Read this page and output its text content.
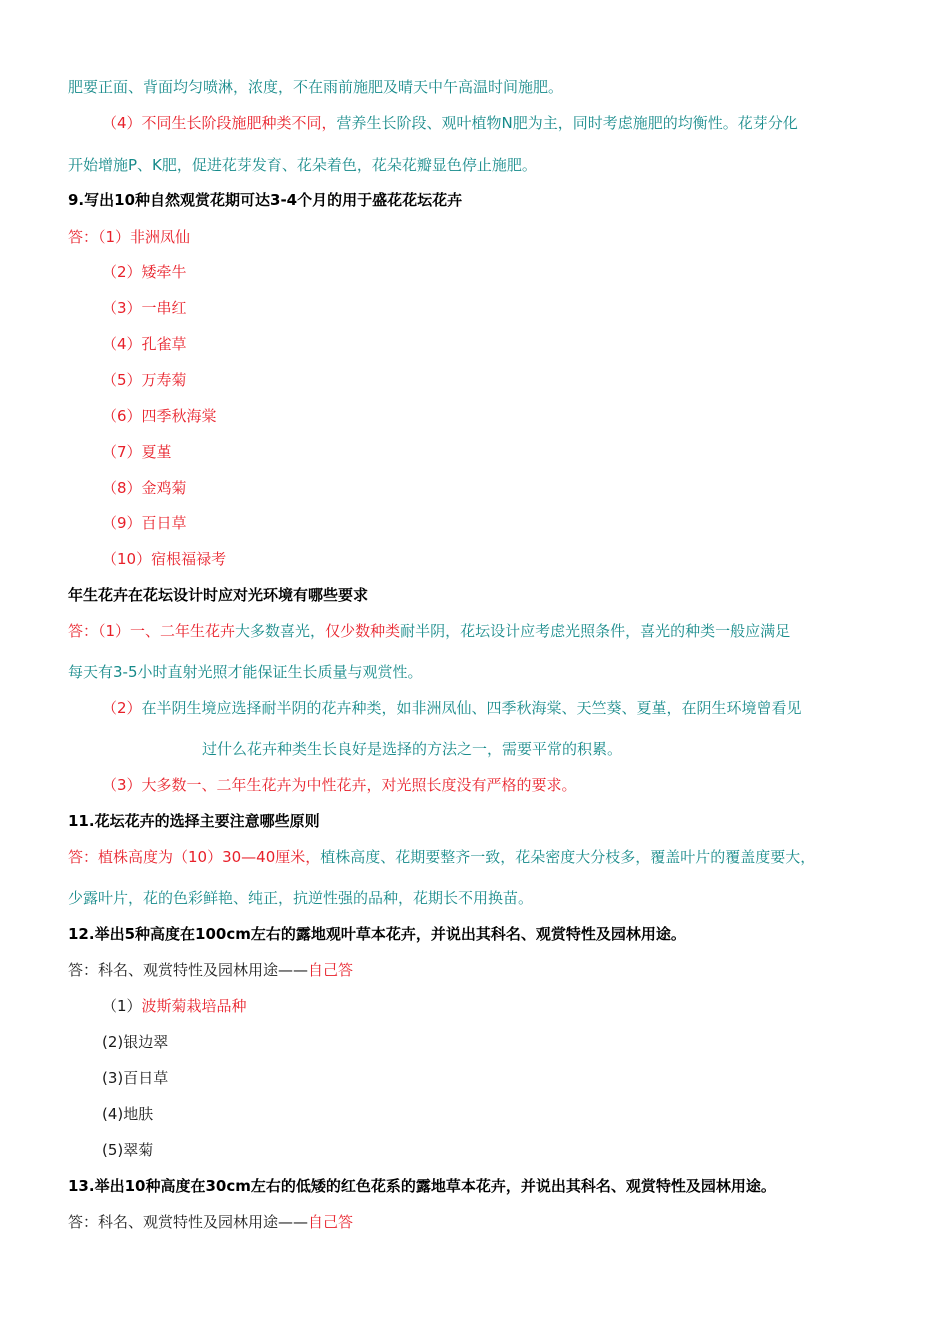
肥要正面、背面均匀喷淋，浓度，不在雨前施肥及晴天中午高温时间施肥。
（4）不同生长阶段施肥种类不同，营养生长阶段、观叶植物N肥为主，同时考虑施肥的均衡性。花芽分化
开始增施P、K肥，促进花芽发育、花朵着色，花朵花瓣显色停止施肥。
9.写出10种自然观赏花期可达3-4个月的用于盛花花坛花卉
答：（1）非洲凤仙
（2）矮牵牛
（3）一串红
（4）孔雀草
（5）万寿菊
（6）四季秋海棠
（7）夏堇
（8）金鸡菊
（9）百日草
（10）宿根福禄考
年生花卉在花坛设计时应对光环境有哪些要求
答：（1）一、二年生花卉大多数喜光，仅少数种类耐半阴，花坛设计应考虑光照条件，喜光的种类一般应满足
每天有3-5小时直射光照才能保证生长质量与观赏性。
（2）在半阴生境应选择耐半阴的花卉种类，如非洲凤仙、四季秋海棠、天竺葵、夏堇，在阴生环境曾看见
过什么花卉种类生长良好是选择的方法之一，需要平常的积累。
（3）大多数一、二年生花卉为中性花卉，对光照长度没有严格的要求。
11.花坛花卉的选择主要注意哪些原则
答：植株高度为（10）30—40厘米，植株高度、花期要整齐一致，花朵密度大分枝多，覆盖叶片的覆盖度要大，
少露叶片，花的色彩鲜艳、纯正，抗逆性强的品种，花期长不用换苗。
12.举出5种高度在100cm左右的露地观叶草本花卉，并说出其科名、观赏特性及园林用途。
答：科名、观赏特性及园林用途——自己答
（1）波斯菊栽培品种
(2)银边翠
(3)百日草
(4)地肤
(5)翠菊
13.举出10种高度在30cm左右的低矮的红色花系的露地草本花卉，并说出其科名、观赏特性及园林用途。
答：科名、观赏特性及园林用途——自己答
